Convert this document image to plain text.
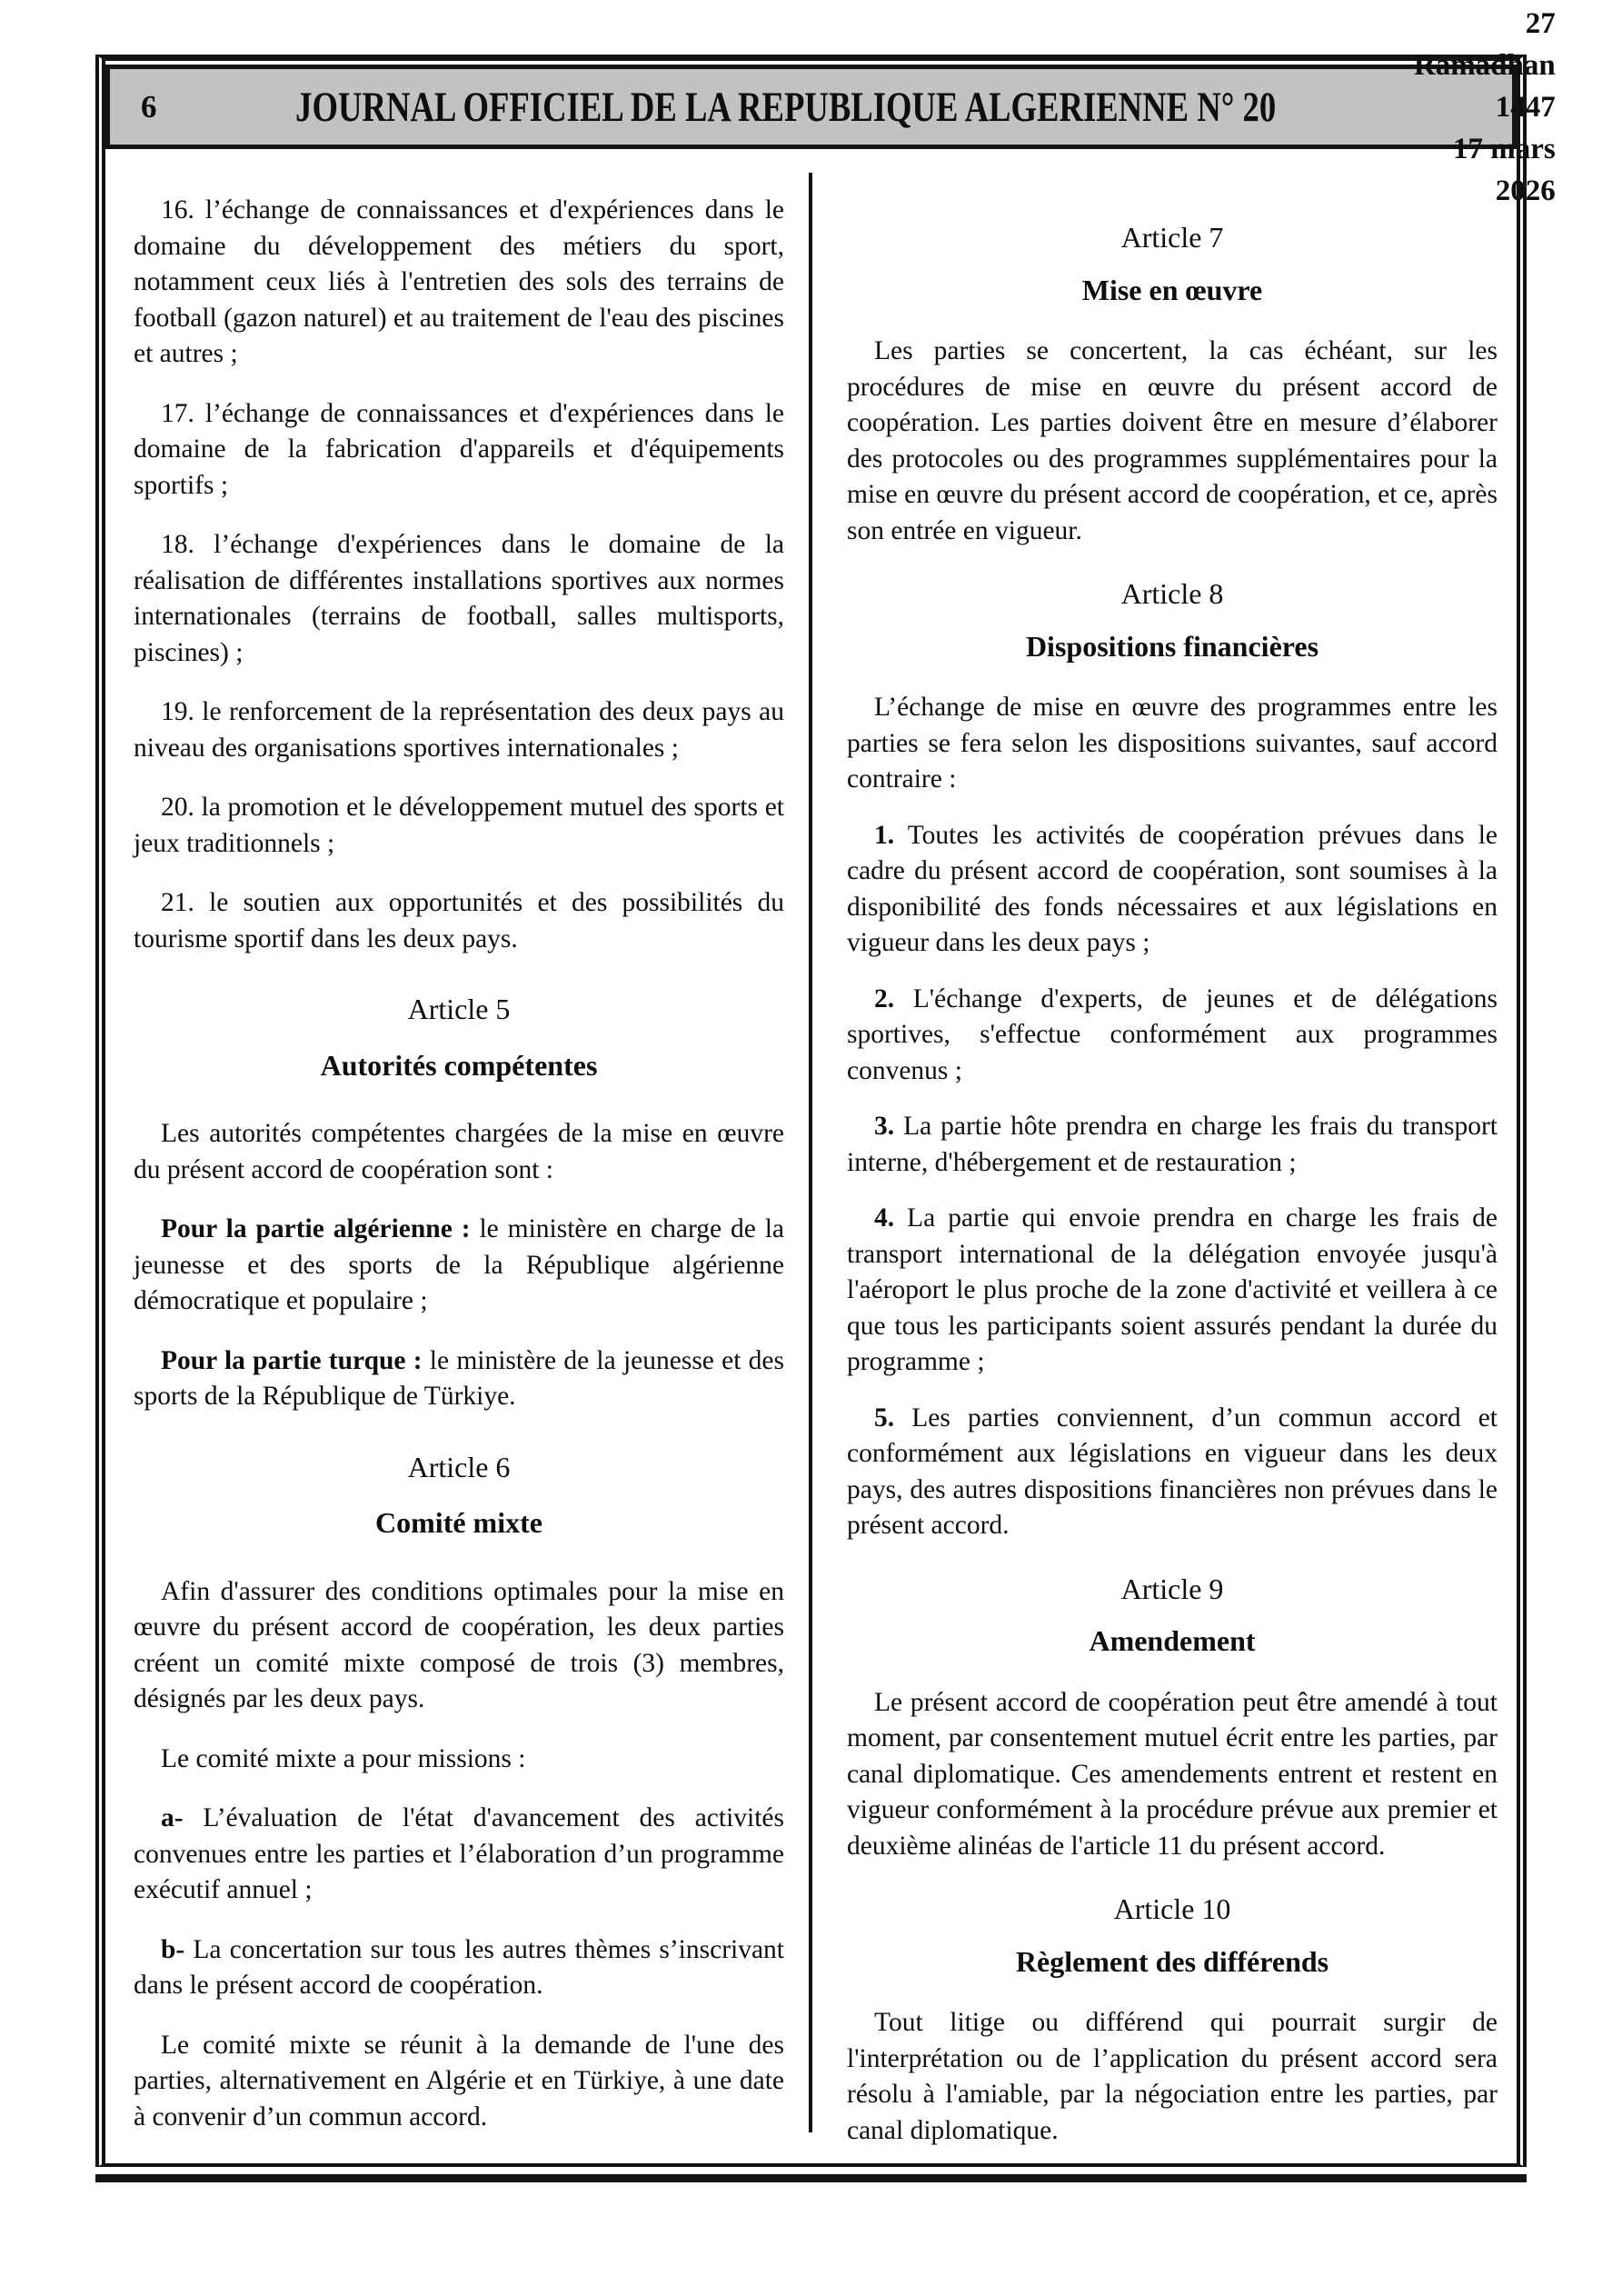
6	JOURNAL OFFICIEL DE LA REPUBLIQUE ALGERIENNE N° 20
27 Ramadhan 1447
17 mars 2026
16. l’échange de connaissances et d'expériences dans le domaine du développement des métiers du sport, notamment ceux liés à l'entretien des sols des terrains de football (gazon naturel) et au traitement de l'eau des piscines et autres ;
17. l’échange de connaissances et d'expériences dans le domaine de la fabrication d'appareils et d'équipements sportifs ;
18. l’échange d'expériences dans le domaine de la réalisation de différentes installations sportives aux normes internationales (terrains de football, salles multisports, piscines) ;
19. le renforcement de la représentation des deux pays au niveau des organisations sportives internationales ;
20. la promotion et le développement mutuel des sports et jeux traditionnels ;
21. le soutien aux opportunités et des possibilités du tourisme sportif dans les deux pays.
Article 5
Autorités compétentes
Les autorités compétentes chargées de la mise en œuvre du présent accord de coopération sont :
Pour la partie algérienne : le ministère en charge de la jeunesse et des sports de la République algérienne démocratique et populaire ;
Pour la partie turque : le ministère de la jeunesse et des sports de la République de Türkiye.
Article 6
Comité mixte
Afin d'assurer des conditions optimales pour la mise en œuvre du présent accord de coopération, les deux parties créent un comité mixte composé de trois (3) membres, désignés par les deux pays.
Le comité mixte a pour missions :
a- L’évaluation de l'état d'avancement des activités convenues entre les parties et l’élaboration d’un programme exécutif annuel ;
b- La concertation sur tous les autres thèmes s’inscrivant dans le présent accord de coopération.
Le comité mixte se réunit à la demande de l'une des parties, alternativement en Algérie et en Türkiye, à une date à convenir d’un commun accord.
Article 7
Mise en œuvre
Les parties se concertent, la cas échéant, sur les procédures de mise en œuvre du présent accord de coopération. Les parties doivent être en mesure d’élaborer des protocoles ou des programmes supplémentaires pour la mise en œuvre du présent accord de coopération, et ce, après son entrée en vigueur.
Article 8
Dispositions financières
L’échange de mise en œuvre des programmes entre les parties se fera selon les dispositions suivantes, sauf accord contraire :
1. Toutes les activités de coopération prévues dans le cadre du présent accord de coopération, sont soumises à la disponibilité des fonds nécessaires et aux législations en vigueur dans les deux pays ;
2. L'échange d'experts, de jeunes et de délégations sportives, s'effectue conformément aux programmes convenus ;
3. La partie hôte prendra en charge les frais du transport interne, d'hébergement et de restauration ;
4. La partie qui envoie prendra en charge les frais de transport international de la délégation envoyée jusqu'à l'aéroport le plus proche de la zone d'activité et veillera à ce que tous les participants soient assurés pendant la durée du programme ;
5. Les parties conviennent, d’un commun accord et conformément aux législations en vigueur dans les deux pays, des autres dispositions financières non prévues dans le présent accord.
Article 9
Amendement
Le présent accord de coopération peut être amendé à tout moment, par consentement mutuel écrit entre les parties, par canal diplomatique. Ces amendements entrent et restent en vigueur conformément à la procédure prévue aux premier et deuxième alinéas de l'article 11 du présent accord.
Article 10
Règlement des différends
Tout litige ou différend qui pourrait surgir de l'interprétation ou de l’application du présent accord sera résolu à l'amiable, par la négociation entre les parties, par canal diplomatique.
